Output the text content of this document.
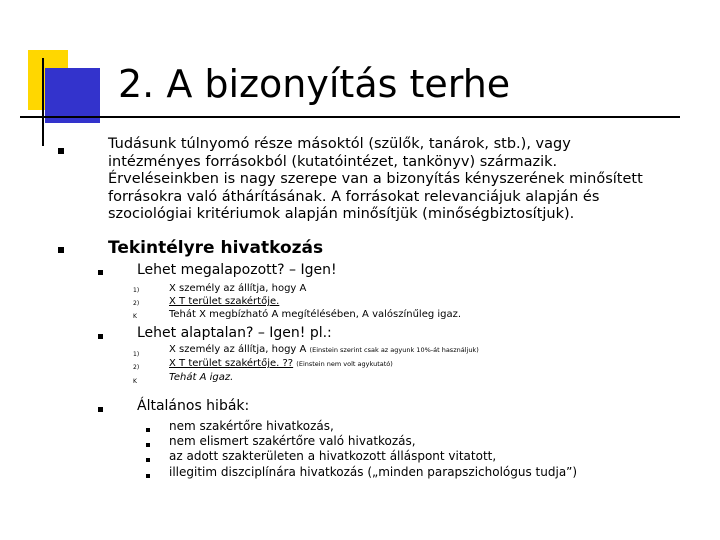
2. A bizonyítás terhe
Tudásunk túlnyomó része másoktól (szülők, tanárok, stb.), vagy
intézményes forrásokból (kutatóintézet, tankönyv) származik.
Érveléseinkben is nagy szerepe van a bizonyítás kényszerének minősített
forrásokra való áthárításának. A forrásokat relevanciájuk alapján és
szociológiai kritériumok alapján minősítjük (minőségbiztosítjuk).
Tekintélyre hivatkozás
Lehet megalapozott? – Igen!
1)	X személy az állítja, hogy A
2)	X T terület szakértője.
K	Tehát X megbízható A megítélésében, A valószínűleg igaz.
Lehet alaptalan? – Igen! pl.:
1)	X személy az állítja, hogy A (Einstein szerint csak az agyunk 10%-át használjuk)
2)	X T terület szakértője. ?? (Einstein nem volt agykutató)
K	Tehát A igaz.
Általános hibák:
nem szakértőre hivatkozás,
nem elismert szakértőre való hivatkozás,
az adott szakterületen a hivatkozott álláspont vitatott,
illegitim diszciplínára hivatkozás („minden parapszichológus tudja”)
